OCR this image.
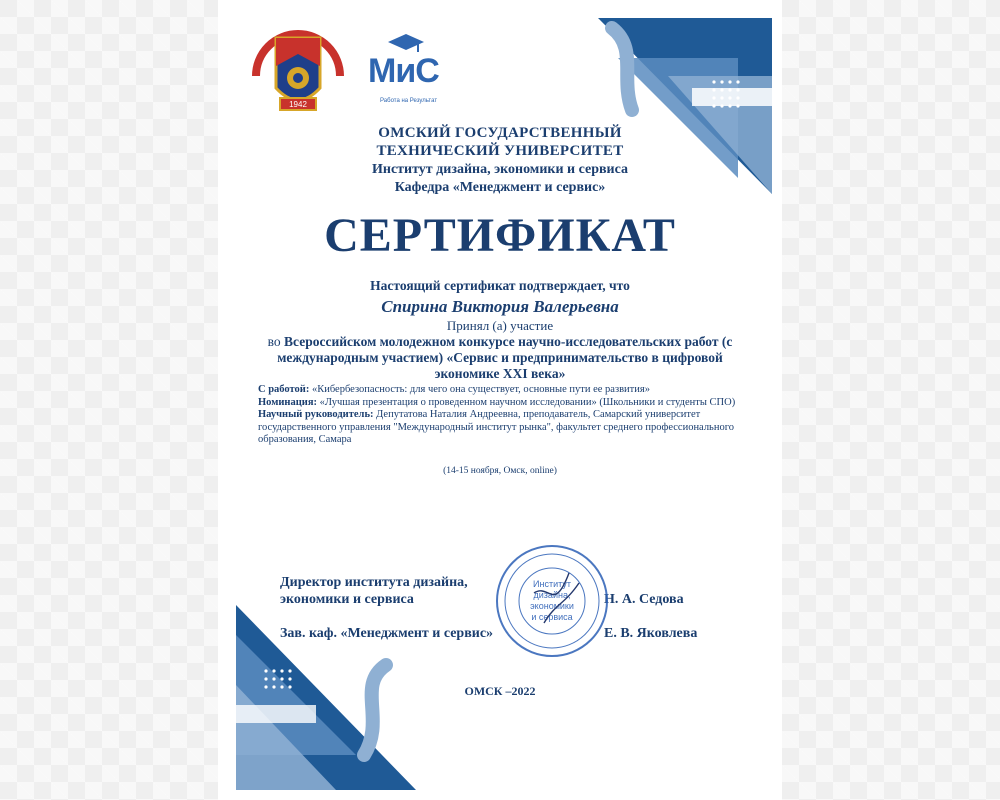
1942
МиС
Работа на Результат
ОМСКИЙ ГОСУДАРСТВЕННЫЙ
ТЕХНИЧЕСКИЙ УНИВЕРСИТЕТ
Институт дизайна, экономики и сервиса
Кафедра «Менеджмент и сервис»
СЕРТИФИКАТ
Настоящий сертификат подтверждает, что
Спирина Виктория Валерьевна
Принял (а) участие
во Всероссийском молодежном конкурсе научно-исследовательских работ (с международным участием) «Сервис и предпринимательство в цифровой экономике XXI века»
С работой: «Кибербезопасность: для чего она существует, основные пути ее развития»
Номинация: «Лучшая презентация о проведенном научном исследовании» (Школьники и студенты СПО)
Научный руководитель: Депутатова Наталия Андреевна, преподаватель, Самарский университет государственного управления "Международный институт рынка", факультет среднего профессионального образования, Самара
(14-15 ноября, Омск, online)
Директор института дизайна,
экономики и сервиса	Н. А. Седова
Зав. каф. «Менеджмент и сервис»	Е. В. Яковлева
Институт
дизайна,
экономики
и сервиса
ОМСК –2022
